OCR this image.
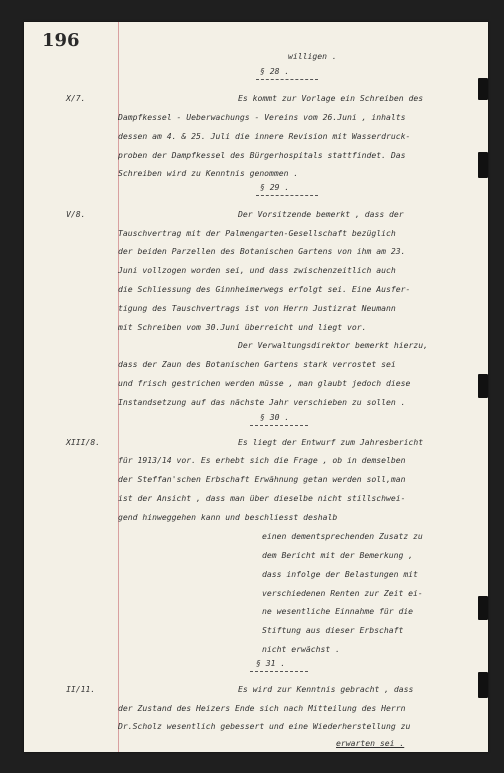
196
willigen .
§ 28 .
X/7.	Es kommt zur Vorlage ein Schreiben des
Dampfkessel - Ueberwachungs - Vereins vom 26.Juni , inhalts
dessen am 4. & 25. Juli die innere Revision mit Wasserdruck-
proben der Dampfkessel des Bürgerhospitals stattfindet. Das
Schreiben wird zu Kenntnis genommen .
§ 29 .
V/8.	Der Vorsitzende bemerkt , dass der
Tauschvertrag mit der Palmengarten-Gesellschaft bezüglich
der beiden Parzellen des Botanischen Gartens von ihm am 23.
Juni vollzogen worden sei, und dass zwischenzeitlich auch
die Schliessung des Ginnheimerwegs erfolgt sei. Eine Ausfer-
tigung des Tauschvertrags ist von Herrn Justizrat Neumann
mit Schreiben vom 30.Juni überreicht und liegt vor.
Der Verwaltungsdirektor bemerkt hierzu,
dass der Zaun des Botanischen Gartens stark verrostet sei
und frisch gestrichen werden müsse , man glaubt jedoch diese
Instandsetzung auf das nächste Jahr verschieben zu sollen .
§ 30 .
XIII/8.	Es liegt der Entwurf zum Jahresbericht
für 1913/14 vor. Es erhebt sich die Frage , ob in demselben
der Steffan'schen Erbschaft Erwähnung getan werden soll,man
ist der Ansicht , dass man über dieselbe nicht stillschwei-
gend hinweggehen kann und beschliesst deshalb
einen dementsprechenden Zusatz zu
dem Bericht mit der Bemerkung ,
dass infolge der Belastungen mit
verschiedenen Renten zur Zeit ei-
ne wesentliche Einnahme für die
Stiftung aus dieser Erbschaft
nicht erwächst .
§ 31 .
II/11.	Es wird zur Kenntnis gebracht , dass
der Zustand des Heizers Ende sich nach Mitteilung des Herrn
Dr.Scholz wesentlich gebessert und eine Wiederherstellung zu
erwarten sei .
